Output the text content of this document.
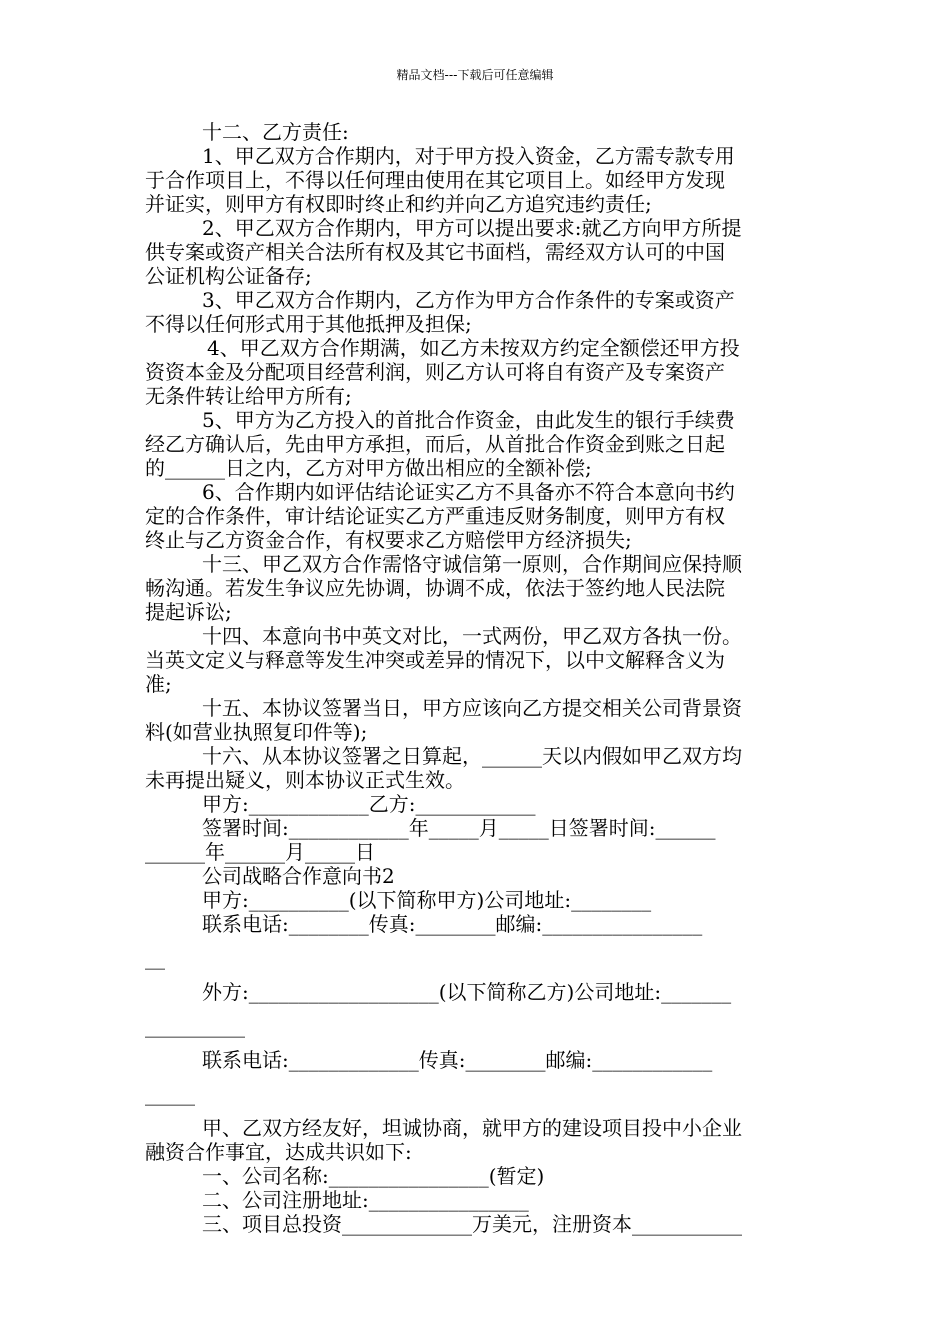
精品文档---下载后可任意编辑
十二、乙方责任:
1、甲乙双方合作期内，对于甲方投入资金，乙方需专款专用
于合作项目上，不得以任何理由使用在其它项目上。如经甲方发现
并证实，则甲方有权即时终止和约并向乙方追究违约责任;
2、甲乙双方合作期内，甲方可以提出要求:就乙方向甲方所提
供专案或资产相关合法所有权及其它书面档，需经双方认可的中国
公证机构公证备存;
3、甲乙双方合作期内，乙方作为甲方合作条件的专案或资产
不得以任何形式用于其他抵押及担保;
4、甲乙双方合作期满，如乙方未按双方约定全额偿还甲方投
资资本金及分配项目经营利润，则乙方认可将自有资产及专案资产
无条件转让给甲方所有;
5、甲方为乙方投入的首批合作资金，由此发生的银行手续费
经乙方确认后，先由甲方承担，而后，从首批合作资金到账之日起
的______日之内，乙方对甲方做出相应的全额补偿;
6、合作期内如评估结论证实乙方不具备亦不符合本意向书约
定的合作条件，审计结论证实乙方严重违反财务制度，则甲方有权
终止与乙方资金合作，有权要求乙方赔偿甲方经济损失;
十三、甲乙双方合作需恪守诚信第一原则，合作期间应保持顺
畅沟通。若发生争议应先协调，协调不成，依法于签约地人民法院
提起诉讼;
十四、本意向书中英文对比，一式两份，甲乙双方各执一份。
当英文定义与释意等发生冲突或差异的情况下，以中文解释含义为
准;
十五、本协议签署当日，甲方应该向乙方提交相关公司背景资
料(如营业执照复印件等);
十六、从本协议签署之日算起，______天以内假如甲乙双方均
未再提出疑义，则本协议正式生效。
甲方:____________乙方:____________
签署时间:____________年_____月_____日签署时间:______
______年______月_____日
公司战略合作意向书2
甲方:__________(以下简称甲方)公司地址:________
联系电话:________传真:________邮编:________________
__
外方:___________________(以下简称乙方)公司地址:_______
__________
联系电话:_____________传真:________邮编:____________
_____
甲、乙双方经友好，坦诚协商，就甲方的建设项目投中小企业
融资合作事宜，达成共识如下:
一、公司名称:________________(暂定)
二、公司注册地址:________________
三、项目总投资_____________万美元，注册资本___________
